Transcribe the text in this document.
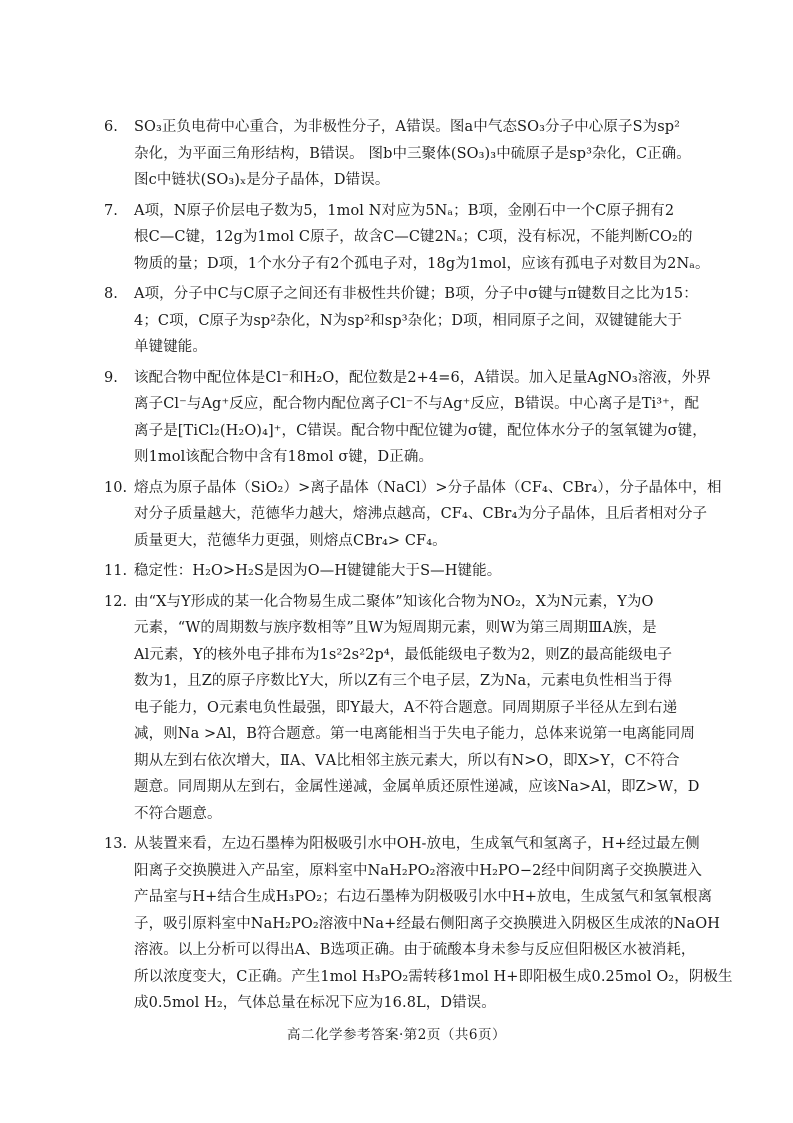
6.	SO₃正负电荷中心重合，为非极性分子，A错误。图a中气态SO₃分子中心原子S为sp²
杂化，为平面三角形结构，B错误。 图b中三聚体(SO₃)₃中硫原子是sp³杂化，C正确。
图c中链状(SO₃)ₓ是分子晶体，D错误。
7.	A项，N原子价层电子数为5，1mol N对应为5Nₐ；B项，金刚石中一个C原子拥有2
根C—C键，12g为1mol C原子，故含C—C键2Nₐ；C项，没有标况，不能判断CO₂的
物质的量；D项，1个水分子有2个孤电子对，18g为1mol，应该有孤电子对数目为2Nₐ。
8.	A项，分子中C与C原子之间还有非极性共价键；B项，分子中σ键与π键数目之比为15：
4；C项，C原子为sp²杂化，N为sp²和sp³杂化；D项，相同原子之间，双键键能大于
单键键能。
9.	该配合物中配位体是Cl⁻和H₂O，配位数是2+4=6，A错误。加入足量AgNO₃溶液，外界
离子Cl⁻与Ag⁺反应，配合物内配位离子Cl⁻不与Ag⁺反应，B错误。中心离子是Ti³⁺，配
离子是[TiCl₂(H₂O)₄]⁺，C错误。配合物中配位键为σ键，配位体水分子的氢氧键为σ键，
则1mol该配合物中含有18mol σ键，D正确。
10. 熔点为原子晶体（SiO₂）>离子晶体（NaCl）>分子晶体（CF₄、CBr₄），分子晶体中，相
对分子质量越大，范德华力越大，熔沸点越高，CF₄、CBr₄为分子晶体，且后者相对分子
质量更大，范德华力更强，则熔点CBr₄> CF₄。
11. 稳定性：H₂O>H₂S是因为O—H键键能大于S—H键能。
12. 由“X与Y形成的某一化合物易生成二聚体”知该化合物为NO₂，X为N元素，Y为O
元素，“W的周期数与族序数相等”且W为短周期元素，则W为第三周期ⅢA族，是
Al元素，Y的核外电子排布为1s²2s²2p⁴，最低能级电子数为2，则Z的最高能级电子
数为1，且Z的原子序数比Y大，所以Z有三个电子层，Z为Na，元素电负性相当于得
电子能力，O元素电负性最强，即Y最大，A不符合题意。同周期原子半径从左到右递
减，则Na >Al，B符合题意。第一电离能相当于失电子能力，总体来说第一电离能同周
期从左到右依次增大，ⅡA、ⅤA比相邻主族元素大，所以有N>O，即X>Y，C不符合
题意。同周期从左到右，金属性递减，金属单质还原性递减，应该Na>Al，即Z>W，D
不符合题意。
13. 从装置来看，左边石墨棒为阳极吸引水中OH-放电，生成氧气和氢离子，H+经过最左侧
阳离子交换膜进入产品室，原料室中NaH₂PO₂溶液中H₂PO−2经中间阴离子交换膜进入
产品室与H+结合生成H₃PO₂；右边石墨棒为阴极吸引水中H+放电，生成氢气和氢氧根离
子，吸引原料室中NaH₂PO₂溶液中Na+经最右侧阳离子交换膜进入阴极区生成浓的NaOH
溶液。以上分析可以得出A、B选项正确。由于硫酸本身未参与反应但阳极区水被消耗，
所以浓度变大，C正确。产生1mol H₃PO₂需转移1mol H+即阳极生成0.25mol O₂，阴极生
成0.5mol H₂，气体总量在标况下应为16.8L，D错误。
高二化学参考答案·第2页（共6页）
